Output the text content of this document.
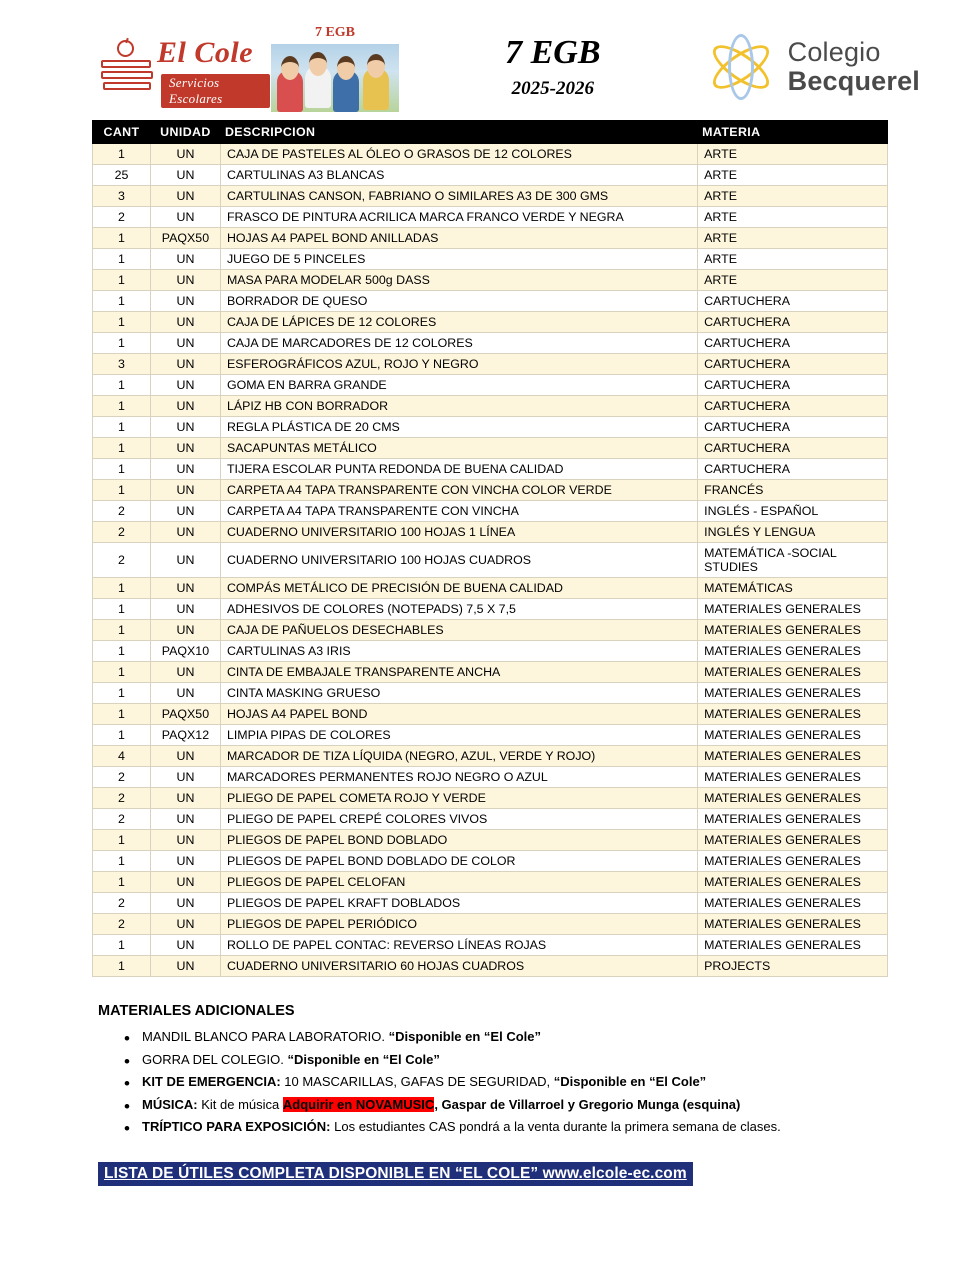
El Cole
Servicios Escolares
7 EGB
7 EGB
2025-2026
Colegio
Becquerel
CANT	UNIDAD	DESCRIPCION	MATERIA
1	UN	CAJA DE PASTELES AL ÓLEO O GRASOS DE 12 COLORES	ARTE
25	UN	CARTULINAS A3 BLANCAS	ARTE
3	UN	CARTULINAS CANSON, FABRIANO O SIMILARES A3 DE 300 GMS	ARTE
2	UN	FRASCO DE PINTURA ACRILICA MARCA FRANCO VERDE Y NEGRA	ARTE
1	PAQX50	HOJAS A4 PAPEL BOND ANILLADAS	ARTE
1	UN	JUEGO DE 5 PINCELES	ARTE
1	UN	MASA PARA MODELAR 500g DASS	ARTE
1	UN	BORRADOR DE QUESO	CARTUCHERA
1	UN	CAJA DE LÁPICES DE 12 COLORES	CARTUCHERA
1	UN	CAJA DE MARCADORES DE 12 COLORES	CARTUCHERA
3	UN	ESFEROGRÁFICOS AZUL, ROJO Y NEGRO	CARTUCHERA
1	UN	GOMA EN BARRA GRANDE	CARTUCHERA
1	UN	LÁPIZ HB CON BORRADOR	CARTUCHERA
1	UN	REGLA PLÁSTICA DE 20 CMS	CARTUCHERA
1	UN	SACAPUNTAS METÁLICO	CARTUCHERA
1	UN	TIJERA ESCOLAR PUNTA REDONDA DE BUENA CALIDAD	CARTUCHERA
1	UN	CARPETA A4 TAPA TRANSPARENTE CON VINCHA COLOR VERDE	FRANCÉS
2	UN	CARPETA A4 TAPA TRANSPARENTE CON VINCHA	INGLÉS - ESPAÑOL
2	UN	CUADERNO UNIVERSITARIO 100 HOJAS 1 LÍNEA	INGLÉS Y LENGUA
2	UN	CUADERNO UNIVERSITARIO 100 HOJAS CUADROS	MATEMÁTICA -SOCIAL STUDIES
1	UN	COMPÁS METÁLICO DE PRECISIÓN DE BUENA CALIDAD	MATEMÁTICAS
1	UN	ADHESIVOS DE COLORES (NOTEPADS) 7,5 X 7,5	MATERIALES GENERALES
1	UN	CAJA DE PAÑUELOS DESECHABLES	MATERIALES GENERALES
1	PAQX10	CARTULINAS A3 IRIS	MATERIALES GENERALES
1	UN	CINTA DE EMBAJALE TRANSPARENTE ANCHA	MATERIALES GENERALES
1	UN	CINTA MASKING GRUESO	MATERIALES GENERALES
1	PAQX50	HOJAS A4 PAPEL BOND	MATERIALES GENERALES
1	PAQX12	LIMPIA PIPAS DE COLORES	MATERIALES GENERALES
4	UN	MARCADOR DE TIZA LÍQUIDA (NEGRO, AZUL, VERDE Y ROJO)	MATERIALES GENERALES
2	UN	MARCADORES PERMANENTES ROJO NEGRO O AZUL	MATERIALES GENERALES
2	UN	PLIEGO DE PAPEL COMETA ROJO Y VERDE	MATERIALES GENERALES
2	UN	PLIEGO DE PAPEL CREPÉ COLORES VIVOS	MATERIALES GENERALES
1	UN	PLIEGOS DE PAPEL BOND DOBLADO	MATERIALES GENERALES
1	UN	PLIEGOS DE PAPEL BOND DOBLADO DE COLOR	MATERIALES GENERALES
1	UN	PLIEGOS DE PAPEL CELOFAN	MATERIALES GENERALES
2	UN	PLIEGOS DE PAPEL KRAFT DOBLADOS	MATERIALES GENERALES
2	UN	PLIEGOS DE PAPEL PERIÓDICO	MATERIALES GENERALES
1	UN	ROLLO DE PAPEL CONTAC: REVERSO LÍNEAS ROJAS	MATERIALES GENERALES
1	UN	CUADERNO UNIVERSITARIO 60 HOJAS CUADROS	PROJECTS
MATERIALES ADICIONALES
• MANDIL BLANCO PARA LABORATORIO. “Disponible en “El Cole”
• GORRA DEL COLEGIO. “Disponible en “El Cole”
• KIT DE EMERGENCIA: 10 MASCARILLAS, GAFAS DE SEGURIDAD, “Disponible en “El Cole”
• MÚSICA: Kit de música Adquirir en NOVAMUSIC, Gaspar de Villarroel y Gregorio Munga (esquina)
• TRÍPTICO PARA EXPOSICIÓN: Los estudiantes CAS pondrá a la venta durante la primera semana de clases.
LISTA DE ÚTILES COMPLETA DISPONIBLE EN “EL COLE” www.elcole-ec.com
